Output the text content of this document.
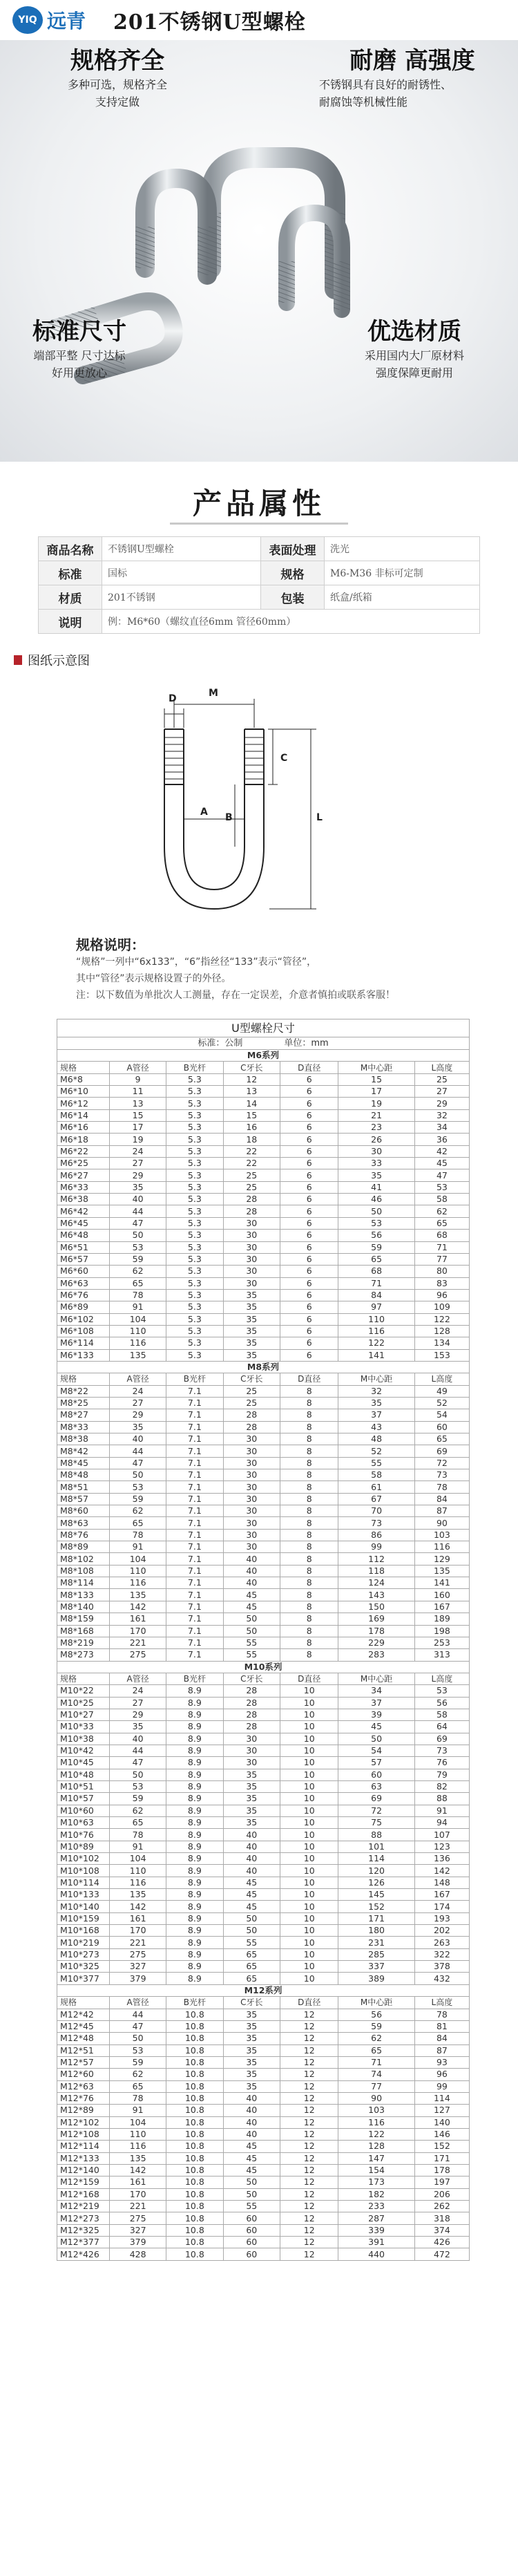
YIQ 远青 201不锈钢U型螺栓
规格齐全
多种可选，规格齐全
支持定做
耐磨 高强度
不锈钢具有良好的耐锈性、
耐腐蚀等机械性能
标准尺寸
端部平整 尺寸达标
好用更放心
优选材质
采用国内大厂原材料
强度保障更耐用
产品属性
商品名称	不锈钢U型螺栓	表面处理	洗光
标准	国标	规格	M6-M36 非标可定制
材质	201不锈钢	包装	纸盒/纸箱
说明	例：M6*60（螺纹直径6mm 管径60mm）		
图纸示意图
D	M
A
C
B	L
规格说明：
“规格”一列中“6x133”，“6”指丝径“133”表示“管径”，
其中“管径”表示规格设置子的外径。
注：以下数值为单批次人工测量，存在一定误差，介意者慎拍或联系客服！
U型螺栓尺寸						
标准：公制 单位：mm						
M6系列						
规格	A管径	B光杆	C牙长	D直径	M中心距	L高度
M6*8	9	5.3	12	6	15	25
M6*10	11	5.3	13	6	17	27
M6*12	13	5.3	14	6	19	29
M6*14	15	5.3	15	6	21	32
M6*16	17	5.3	16	6	23	34
M6*18	19	5.3	18	6	26	36
M6*22	24	5.3	22	6	30	42
M6*25	27	5.3	22	6	33	45
M6*27	29	5.3	25	6	35	47
M6*33	35	5.3	25	6	41	53
M6*38	40	5.3	28	6	46	58
M6*42	44	5.3	28	6	50	62
M6*45	47	5.3	30	6	53	65
M6*48	50	5.3	30	6	56	68
M6*51	53	5.3	30	6	59	71
M6*57	59	5.3	30	6	65	77
M6*60	62	5.3	30	6	68	80
M6*63	65	5.3	30	6	71	83
M6*76	78	5.3	35	6	84	96
M6*89	91	5.3	35	6	97	109
M6*102	104	5.3	35	6	110	122
M6*108	110	5.3	35	6	116	128
M6*114	116	5.3	35	6	122	134
M6*133	135	5.3	35	6	141	153
M8系列						
规格	A管径	B光杆	C牙长	D直径	M中心距	L高度
M8*22	24	7.1	25	8	32	49
M8*25	27	7.1	25	8	35	52
M8*27	29	7.1	28	8	37	54
M8*33	35	7.1	28	8	43	60
M8*38	40	7.1	30	8	48	65
M8*42	44	7.1	30	8	52	69
M8*45	47	7.1	30	8	55	72
M8*48	50	7.1	30	8	58	73
M8*51	53	7.1	30	8	61	78
M8*57	59	7.1	30	8	67	84
M8*60	62	7.1	30	8	70	87
M8*63	65	7.1	30	8	73	90
M8*76	78	7.1	30	8	86	103
M8*89	91	7.1	30	8	99	116
M8*102	104	7.1	40	8	112	129
M8*108	110	7.1	40	8	118	135
M8*114	116	7.1	40	8	124	141
M8*133	135	7.1	45	8	143	160
M8*140	142	7.1	45	8	150	167
M8*159	161	7.1	50	8	169	189
M8*168	170	7.1	50	8	178	198
M8*219	221	7.1	55	8	229	253
M8*273	275	7.1	55	8	283	313
M10系列						
规格	A管径	B光杆	C牙长	D直径	M中心距	L高度
M10*22	24	8.9	28	10	34	53
M10*25	27	8.9	28	10	37	56
M10*27	29	8.9	28	10	39	58
M10*33	35	8.9	28	10	45	64
M10*38	40	8.9	30	10	50	69
M10*42	44	8.9	30	10	54	73
M10*45	47	8.9	30	10	57	76
M10*48	50	8.9	35	10	60	79
M10*51	53	8.9	35	10	63	82
M10*57	59	8.9	35	10	69	88
M10*60	62	8.9	35	10	72	91
M10*63	65	8.9	35	10	75	94
M10*76	78	8.9	40	10	88	107
M10*89	91	8.9	40	10	101	123
M10*102	104	8.9	40	10	114	136
M10*108	110	8.9	40	10	120	142
M10*114	116	8.9	45	10	126	148
M10*133	135	8.9	45	10	145	167
M10*140	142	8.9	45	10	152	174
M10*159	161	8.9	50	10	171	193
M10*168	170	8.9	50	10	180	202
M10*219	221	8.9	55	10	231	263
M10*273	275	8.9	65	10	285	322
M10*325	327	8.9	65	10	337	378
M10*377	379	8.9	65	10	389	432
M12系列						
规格	A管径	B光杆	C牙长	D直径	M中心距	L高度
M12*42	44	10.8	35	12	56	78
M12*45	47	10.8	35	12	59	81
M12*48	50	10.8	35	12	62	84
M12*51	53	10.8	35	12	65	87
M12*57	59	10.8	35	12	71	93
M12*60	62	10.8	35	12	74	96
M12*63	65	10.8	35	12	77	99
M12*76	78	10.8	40	12	90	114
M12*89	91	10.8	40	12	103	127
M12*102	104	10.8	40	12	116	140
M12*108	110	10.8	40	12	122	146
M12*114	116	10.8	45	12	128	152
M12*133	135	10.8	45	12	147	171
M12*140	142	10.8	45	12	154	178
M12*159	161	10.8	50	12	173	197
M12*168	170	10.8	50	12	182	206
M12*219	221	10.8	55	12	233	262
M12*273	275	10.8	60	12	287	318
M12*325	327	10.8	60	12	339	374
M12*377	379	10.8	60	12	391	426
M12*426	428	10.8	60	12	440	472
